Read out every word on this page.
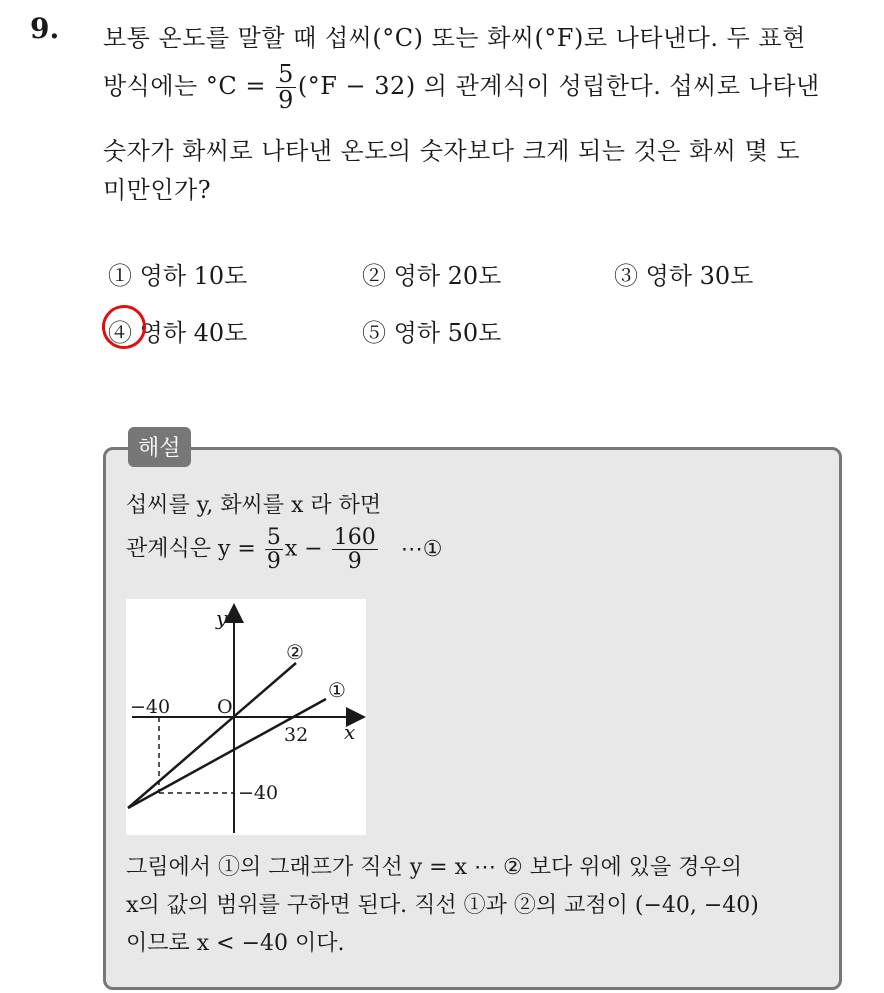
9. 보통 온도를 말할 때 섭씨(°C) 또는 화씨(°F)로 나타낸다. 두 표현
방식에는 $^\circ C = \frac{5}{9} (^\circ F - 32)$ 의 관계식이 성립한다. 섭씨로 나타낸
숫자가 화씨로 나타낸 온도의 숫자보다 크게 되는 것은 화씨 몇 도
미만인가?
① 영하 10도	② 영하 20도	③ 영하 30도
④ 영하 40도	⑤ 영하 50도
해설
섭씨를 y, 화씨를 x 라 하면
관계식은 $y = \frac{5}{9}$ $x - \frac{160}{9}$ ⋯①
y
x
O
−40
32
−40
②
①
그림에서 ①의 그래프가 직선 y = x ⋯ ② 보다 위에 있을 경우의
x의 값의 범위를 구하면 된다. 직선 ①과 ②의 교점이 (−40, −40)
이므로 x < −40 이다.
